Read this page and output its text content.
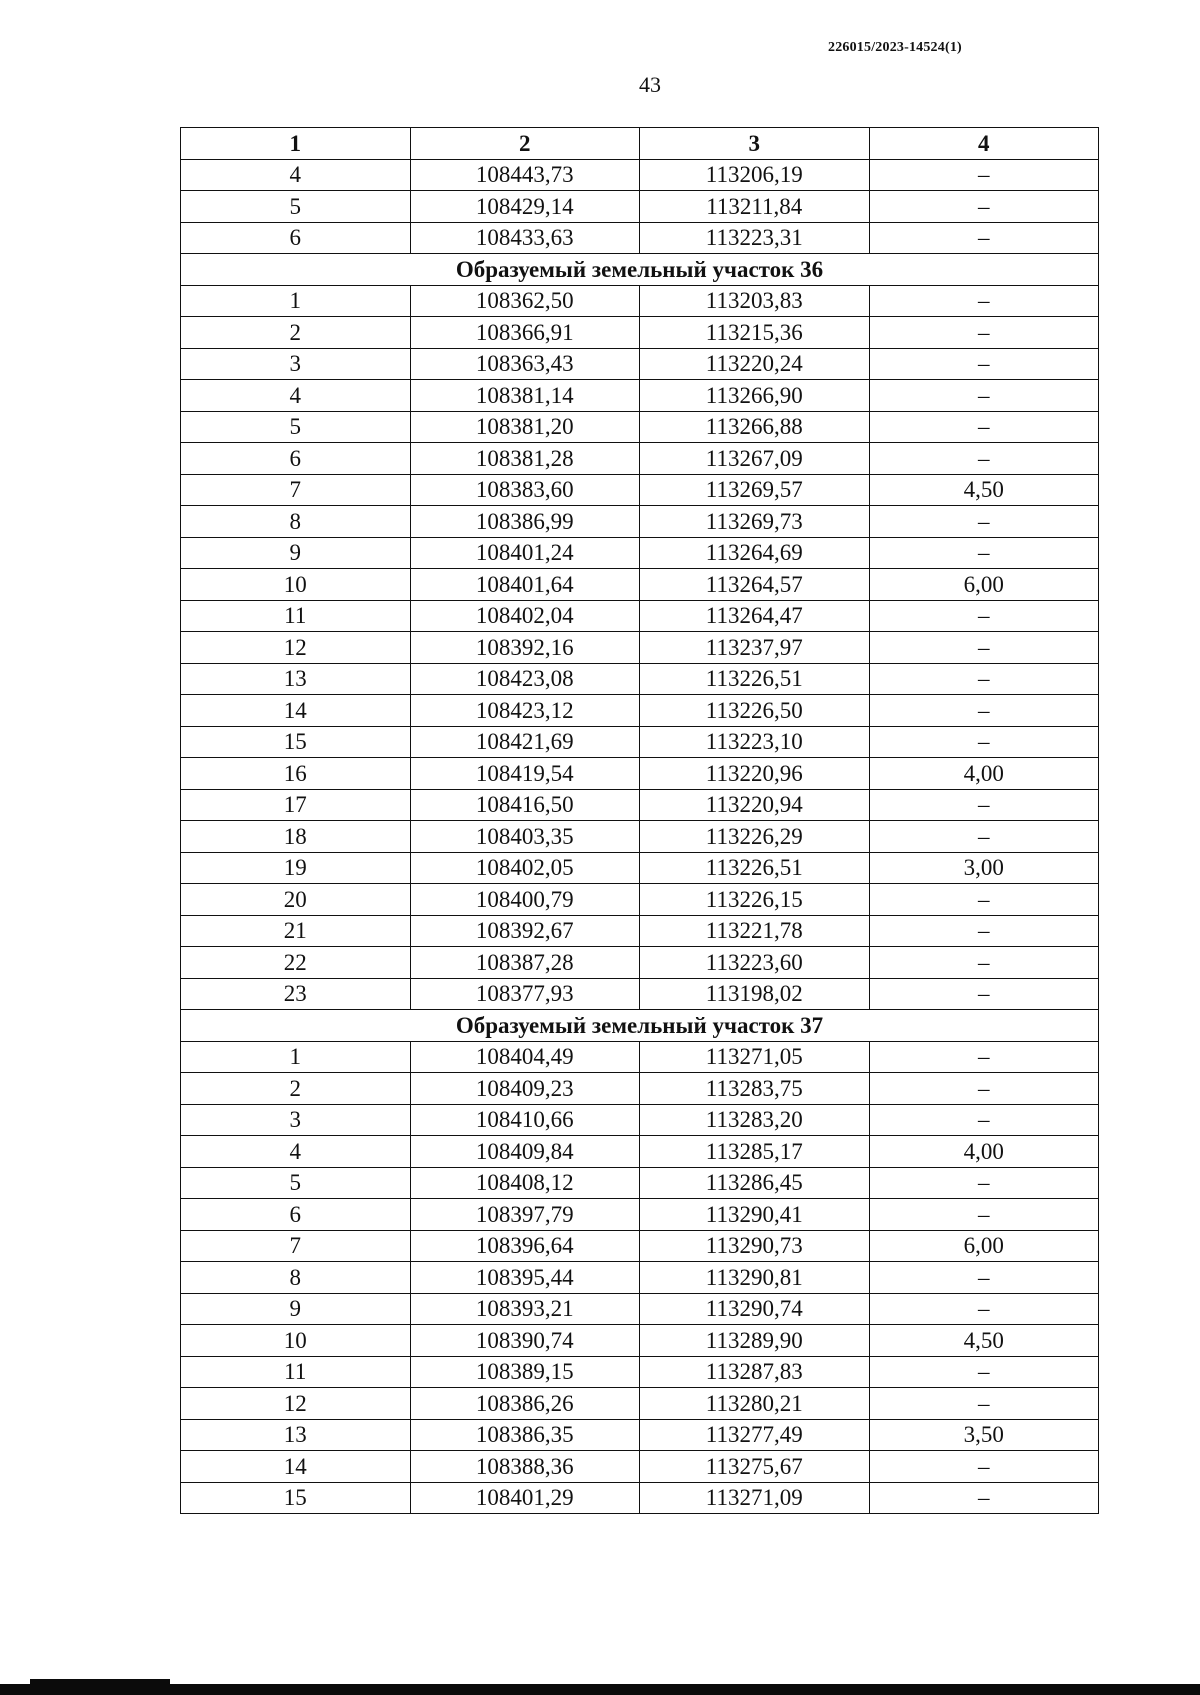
226015/2023-14524(1)
43
1	2	3	4
4	108443,73	113206,19	–
5	108429,14	113211,84	–
6	108433,63	113223,31	–
Образуемый земельный участок 36			
1	108362,50	113203,83	–
2	108366,91	113215,36	–
3	108363,43	113220,24	–
4	108381,14	113266,90	–
5	108381,20	113266,88	–
6	108381,28	113267,09	–
7	108383,60	113269,57	4,50
8	108386,99	113269,73	–
9	108401,24	113264,69	–
10	108401,64	113264,57	6,00
11	108402,04	113264,47	–
12	108392,16	113237,97	–
13	108423,08	113226,51	–
14	108423,12	113226,50	–
15	108421,69	113223,10	–
16	108419,54	113220,96	4,00
17	108416,50	113220,94	–
18	108403,35	113226,29	–
19	108402,05	113226,51	3,00
20	108400,79	113226,15	–
21	108392,67	113221,78	–
22	108387,28	113223,60	–
23	108377,93	113198,02	–
Образуемый земельный участок 37			
1	108404,49	113271,05	–
2	108409,23	113283,75	–
3	108410,66	113283,20	–
4	108409,84	113285,17	4,00
5	108408,12	113286,45	–
6	108397,79	113290,41	–
7	108396,64	113290,73	6,00
8	108395,44	113290,81	–
9	108393,21	113290,74	–
10	108390,74	113289,90	4,50
11	108389,15	113287,83	–
12	108386,26	113280,21	–
13	108386,35	113277,49	3,50
14	108388,36	113275,67	–
15	108401,29	113271,09	–
